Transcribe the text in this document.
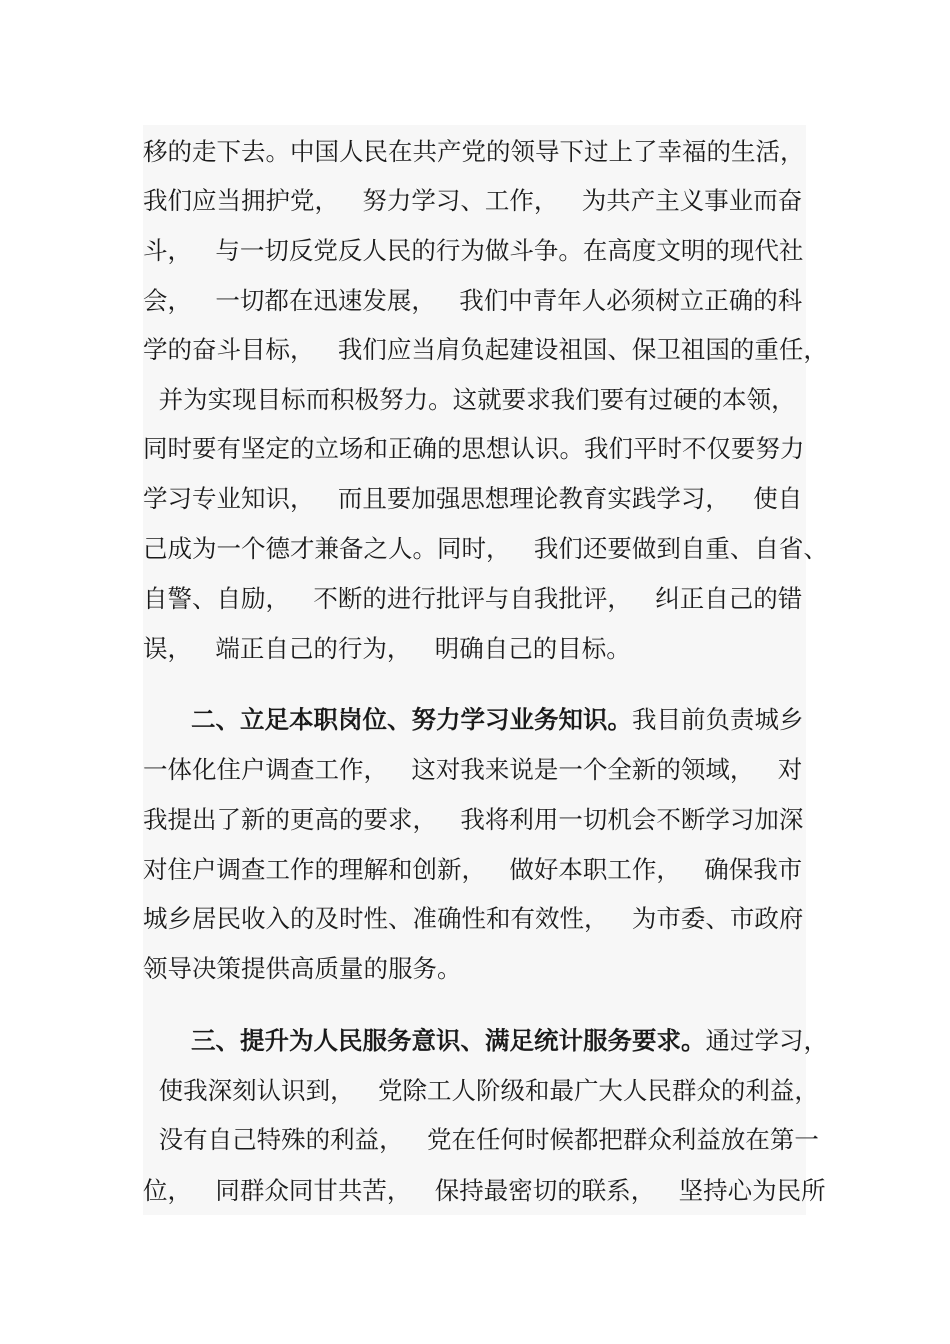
移的走下去。中国人民在共产党的领导下过上了幸福的生活，
我们应当拥护党，   努力学习、工作，   为共产主义事业而奋
斗，   与一切反党反人民的行为做斗争。在高度文明的现代社
会，   一切都在迅速发展，   我们中青年人必须树立正确的科
学的奋斗目标，   我们应当肩负起建设祖国、保卫祖国的重任，
并为实现目标而积极努力。这就要求我们要有过硬的本领，
同时要有坚定的立场和正确的思想认识。我们平时不仅要努力
学习专业知识，   而且要加强思想理论教育实践学习，   使自
己成为一个德才兼备之人。同时，   我们还要做到自重、自省、
自警、自励，   不断的进行批评与自我批评，   纠正自己的错
误，   端正自己的行为，   明确自己的目标。
二、立足本职岗位、努力学习业务知识。我目前负责城乡
一体化住户调查工作，   这对我来说是一个全新的领域，   对
我提出了新的更高的要求，   我将利用一切机会不断学习加深
对住户调查工作的理解和创新，   做好本职工作，   确保我市
城乡居民收入的及时性、准确性和有效性，   为市委、市政府
领导决策提供高质量的服务。
三、提升为人民服务意识、满足统计服务要求。通过学习，
使我深刻认识到，   党除工人阶级和最广大人民群众的利益，
没有自己特殊的利益，   党在任何时候都把群众利益放在第一
位，   同群众同甘共苦，   保持最密切的联系，   坚持心为民所
